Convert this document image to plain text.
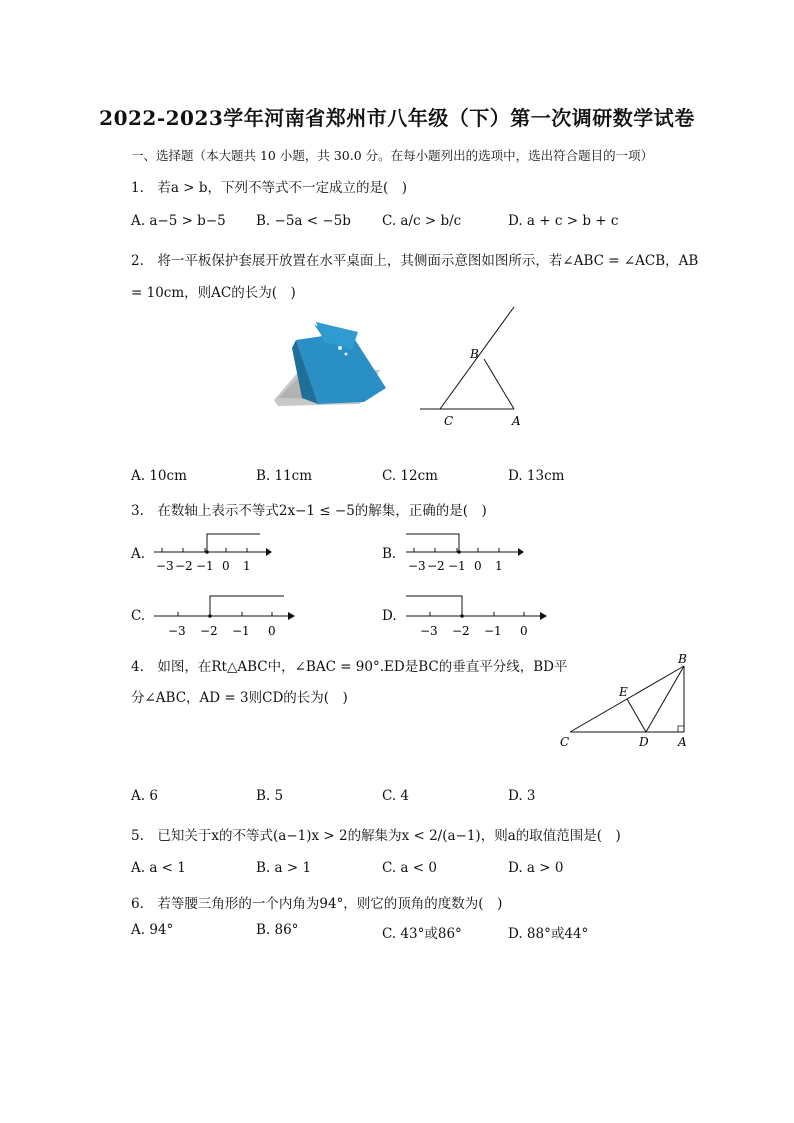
2022-2023学年河南省郑州市八年级（下）第一次调研数学试卷
一、选择题（本大题共 10 小题，共 30.0 分。在每小题列出的选项中，选出符合题目的一项）
1.　若a > b，下列不等式不一定成立的是(　)
A. a−5 > b−5 B. −5a < −5b C. a/c > b/c	D. a + c > b + c
2.　将一平板保护套展开放置在水平桌面上，其侧面示意图如图所示，若∠ABC = ∠ACB，AB
= 10cm，则AC的长为(　)
B
C	A
A. 10cm	B. 11cm	C. 12cm	D. 13cm
3.　在数轴上表示不等式2x−1 ≤ −5的解集，正确的是(　)
A.
−3 −2 −1 0 1
B.
−3 −2 −1 0 1
C.
−3 −2 −1 0
D.
−3 −2 −1 0
4.　如图，在Rt△ABC中，∠BAC = 90°.ED是BC的垂直平分线，BD平
分∠ABC，AD = 3则CD的长为(　)
B
E
C	D A
A. 6	B. 5	C. 4	D. 3
5.　已知关于x的不等式(a−1)x > 2的解集为x < 2/(a−1)，则a的取值范围是(　)
A. a < 1	B. a > 1	C. a < 0	D. a > 0
6.　若等腰三角形的一个内角为94°，则它的顶角的度数为(　)
A. 94°	B. 86°	C. 43°或86°	D. 88°或44°
